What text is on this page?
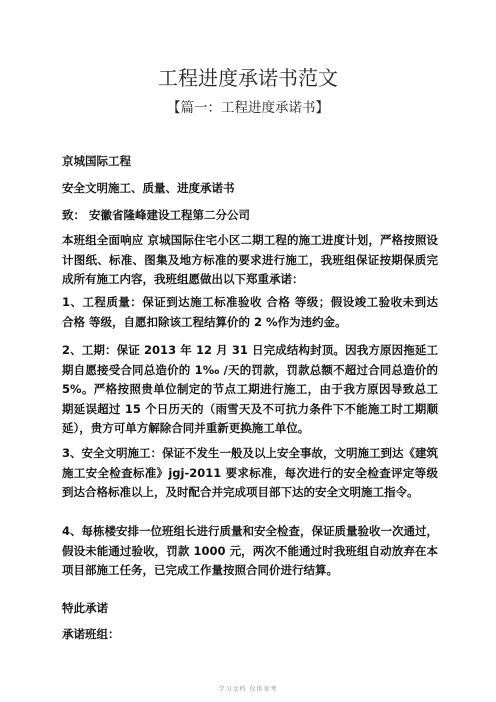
工程进度承诺书范文
【篇一：工程进度承诺书】
京城国际工程
安全文明施工、质量、进度承诺书
致： 安徽省隆峰建设工程第二分公司
本班组全面响应 京城国际住宅小区二期工程的施工进度计划，严格按照设计图纸、标准、图集及地方标准的要求进行施工，我班组保证按期保质完成所有施工内容，我班组愿做出以下郑重承诺：
1、工程质量：保证到达施工标准验收 合格 等级；假设竣工验收未到达 合格 等级，自愿扣除该工程结算价的 2 %作为违约金。
2、工期：保证 2013 年 12 月 31 日完成结构封顶。因我方原因拖延工期自愿接受合同总造价的 1‰ /天的罚款，罚款总额不超过合同总造价的 5%。严格按照贵单位制定的节点工期进行施工，由于我方原因导致总工期延误超过 15 个日历天的（雨雪天及不可抗力条件下不能施工时工期顺延），贵方可单方解除合同并重新更换施工单位。
3、安全文明施工：保证不发生一般及以上安全事故，文明施工到达《建筑施工安全检查标准》jgj-2011 要求标准，每次进行的安全检查评定等级到达合格标准以上，及时配合并完成项目部下达的安全文明施工指令。
4、每栋楼安排一位班组长进行质量和安全检查，保证质量验收一次通过，假设未能通过验收，罚款 1000 元，两次不能通过时我班组自动放弃在本项目部施工任务，已完成工作量按照合同价进行结算。
特此承诺
承诺班组：
学习文档 仅供参考
